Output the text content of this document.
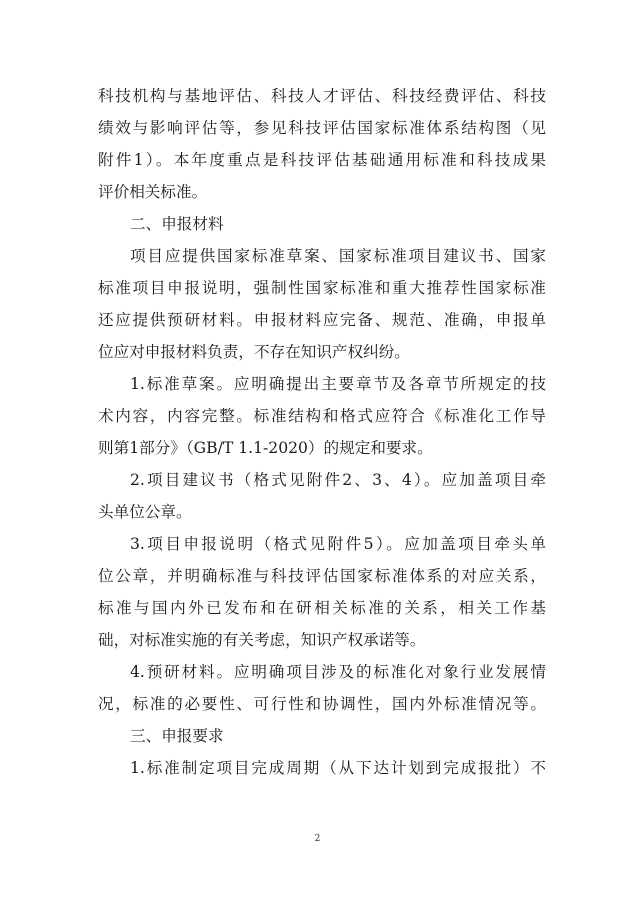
科技机构与基地评估、科技人才评估、科技经费评估、科技
绩效与影响评估等，参见科技评估国家标准体系结构图（见
附件1）。本年度重点是科技评估基础通用标准和科技成果
评价相关标准。
二、申报材料
项目应提供国家标准草案、国家标准项目建议书、国家
标准项目申报说明，强制性国家标准和重大推荐性国家标准
还应提供预研材料。申报材料应完备、规范、准确，申报单
位应对申报材料负责，不存在知识产权纠纷。
1.标准草案。应明确提出主要章节及各章节所规定的技
术内容，内容完整。标准结构和格式应符合《标准化工作导
则第1部分》（GB/T 1.1-2020）的规定和要求。
2.项目建议书（格式见附件2、3、4）。应加盖项目牵
头单位公章。
3.项目申报说明（格式见附件5）。应加盖项目牵头单
位公章，并明确标准与科技评估国家标准体系的对应关系，
标准与国内外已发布和在研相关标准的关系，相关工作基
础，对标准实施的有关考虑，知识产权承诺等。
4.预研材料。应明确项目涉及的标准化对象行业发展情
况，标准的必要性、可行性和协调性，国内外标准情况等。
三、申报要求
1.标准制定项目完成周期（从下达计划到完成报批）不
2
